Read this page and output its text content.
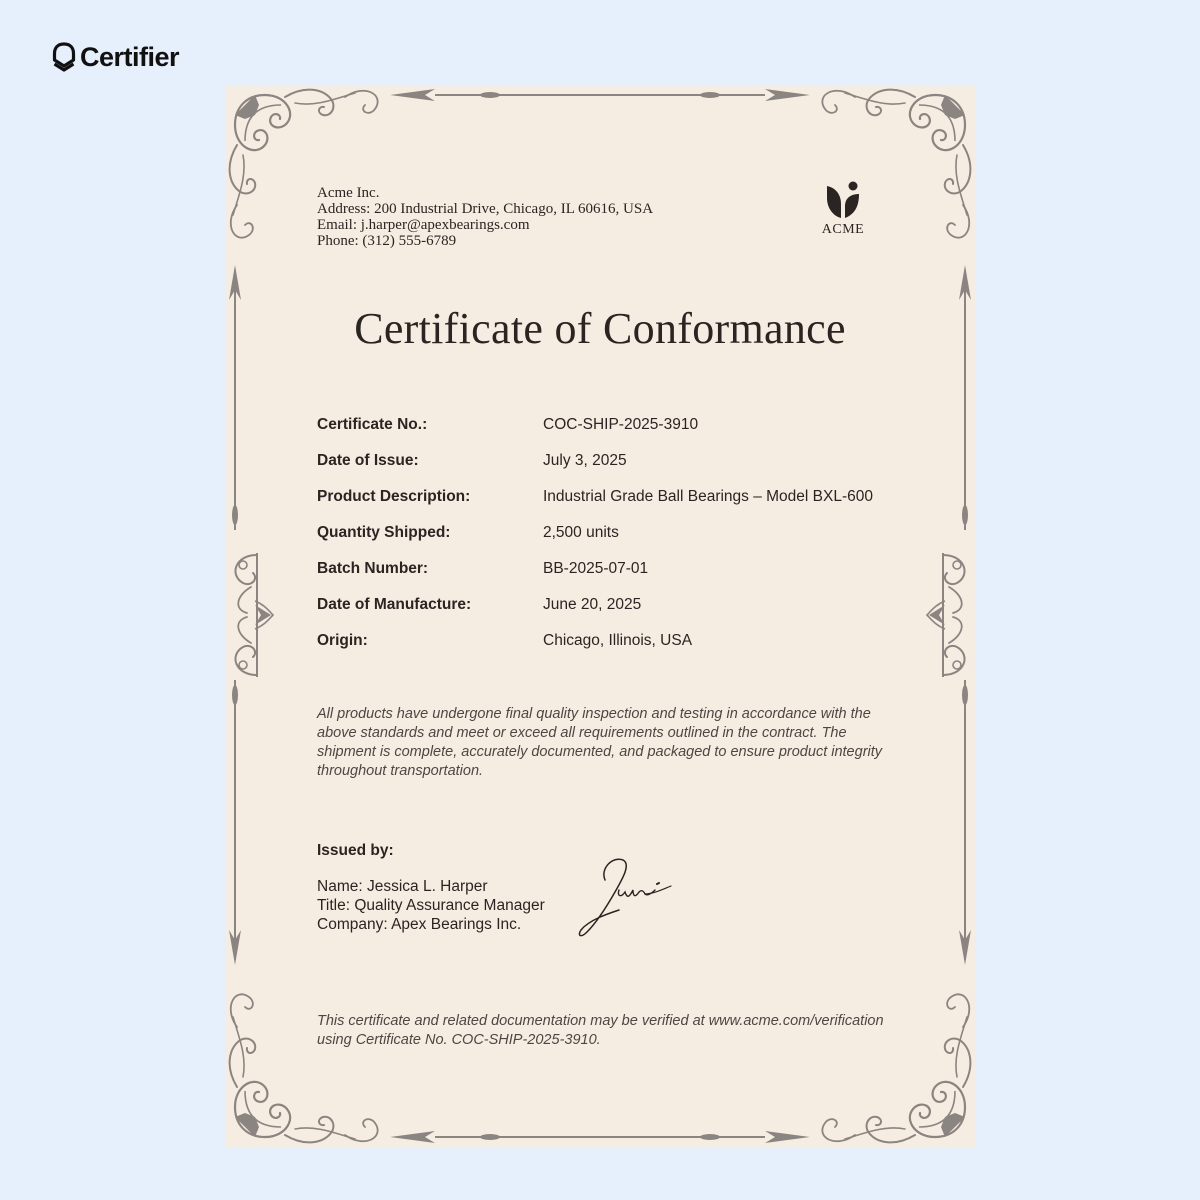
Certifier
Acme Inc.
Address: 200 Industrial Drive, Chicago, IL 60616, USA
Email: j.harper@apexbearings.com
Phone: (312) 555-6789
ACME
Certificate of Conformance
Certificate No.:	COC-SHIP-2025-3910
Date of Issue:	July 3, 2025
Product Description:	Industrial Grade Ball Bearings – Model BXL-600
Quantity Shipped:	2,500 units
Batch Number:	BB-2025-07-01
Date of Manufacture:	June 20, 2025
Origin:	Chicago, Illinois, USA

All products have undergone final quality inspection and testing in accordance with the above standards and meet or exceed all requirements outlined in the contract. The shipment is complete, accurately documented, and packaged to ensure product integrity throughout transportation.

Issued by:
Name: Jessica L. Harper
Title: Quality Assurance Manager
Company: Apex Bearings Inc.

This certificate and related documentation may be verified at www.acme.com/verification using Certificate No. COC-SHIP-2025-3910.
